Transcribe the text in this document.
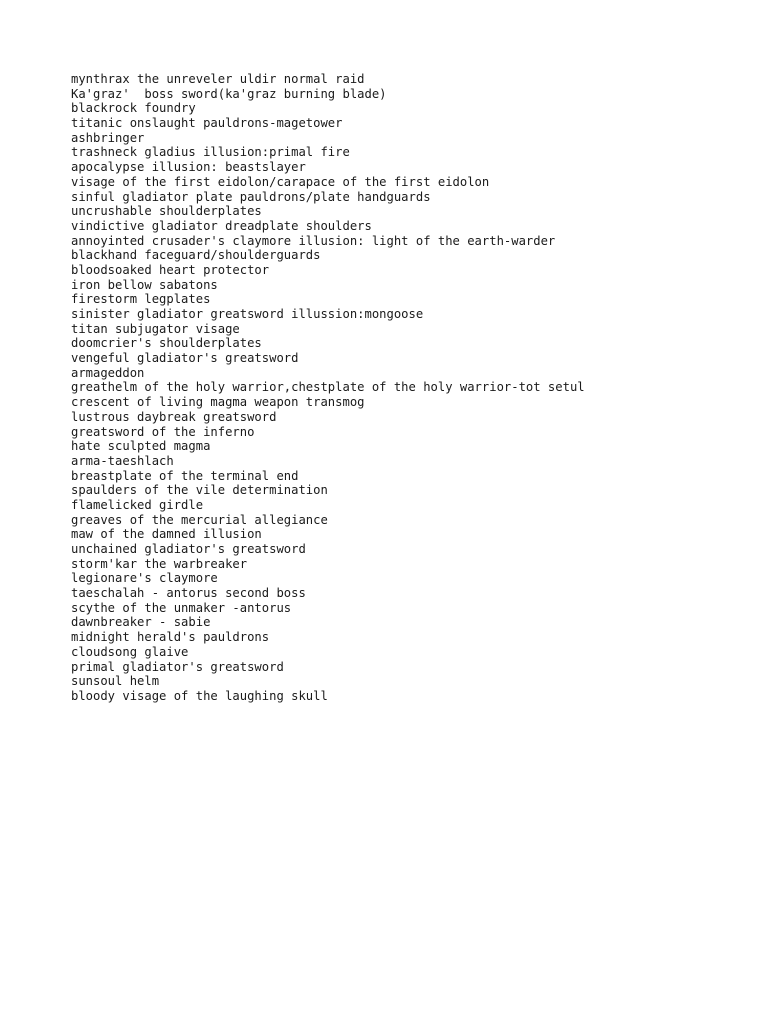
mynthrax the unreveler uldir normal raid
Ka'graz'  boss sword(ka'graz burning blade)
blackrock foundry
titanic onslaught pauldrons-magetower
ashbringer
trashneck gladius illusion:primal fire
apocalypse illusion: beastslayer
visage of the first eidolon/carapace of the first eidolon
sinful gladiator plate pauldrons/plate handguards
uncrushable shoulderplates
vindictive gladiator dreadplate shoulders
annoyinted crusader's claymore illusion: light of the earth-warder
blackhand faceguard/shoulderguards
bloodsoaked heart protector
iron bellow sabatons
firestorm legplates
sinister gladiator greatsword illussion:mongoose
titan subjugator visage
doomcrier's shoulderplates
vengeful gladiator's greatsword
armageddon
greathelm of the holy warrior,chestplate of the holy warrior-tot setul
crescent of living magma weapon transmog
lustrous daybreak greatsword
greatsword of the inferno
hate sculpted magma
arma-taeshlach
breastplate of the terminal end
spaulders of the vile determination
flamelicked girdle
greaves of the mercurial allegiance
maw of the damned illusion
unchained gladiator's greatsword
storm'kar the warbreaker
legionare's claymore
taeschalah - antorus second boss
scythe of the unmaker -antorus
dawnbreaker - sabie
midnight herald's pauldrons
cloudsong glaive
primal gladiator's greatsword
sunsoul helm
bloody visage of the laughing skull
